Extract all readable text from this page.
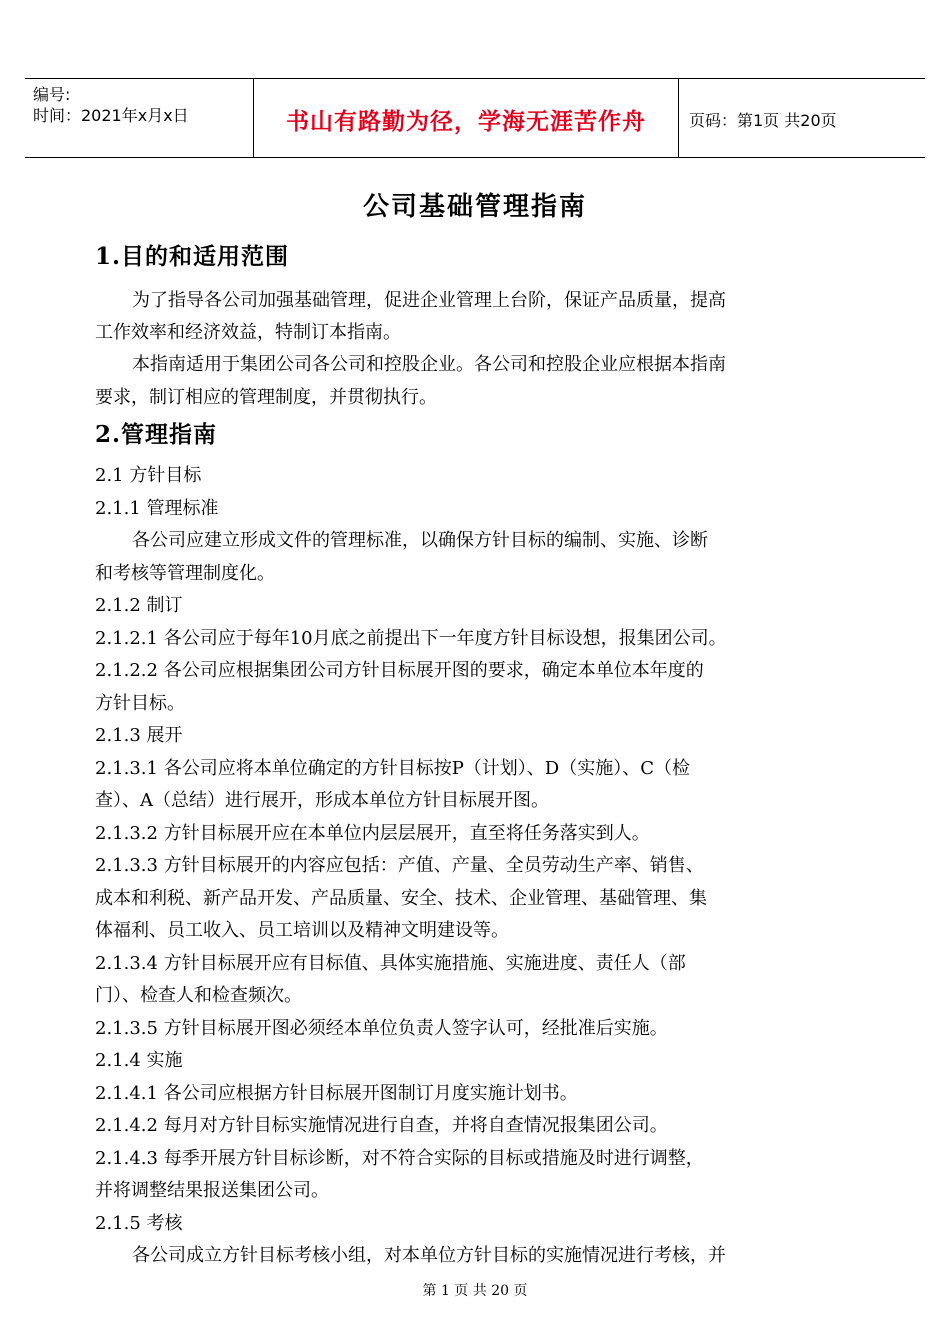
编号:
时间：2021年x月x日	书山有路勤为径，学海无涯苦作舟	页码：第1页 共20页
公司基础管理指南
1.目的和适用范围
为了指导各公司加强基础管理，促进企业管理上台阶，保证产品质量，提高
工作效率和经济效益，特制订本指南。
本指南适用于集团公司各公司和控股企业。各公司和控股企业应根据本指南
要求，制订相应的管理制度，并贯彻执行。
2.管理指南
2.1 方针目标
2.1.1 管理标准
各公司应建立形成文件的管理标准，以确保方针目标的编制、实施、诊断
和考核等管理制度化。
2.1.2 制订
2.1.2.1 各公司应于每年10月底之前提出下一年度方针目标设想，报集团公司。
2.1.2.2 各公司应根据集团公司方针目标展开图的要求，确定本单位本年度的
方针目标。
2.1.3 展开
2.1.3.1 各公司应将本单位确定的方针目标按P（计划）、D（实施）、C（检
查）、A（总结）进行展开，形成本单位方针目标展开图。
2.1.3.2 方针目标展开应在本单位内层层展开，直至将任务落实到人。
2.1.3.3 方针目标展开的内容应包括：产值、产量、全员劳动生产率、销售、
成本和利税、新产品开发、产品质量、安全、技术、企业管理、基础管理、集
体福利、员工收入、员工培训以及精神文明建设等。
2.1.3.4 方针目标展开应有目标值、具体实施措施、实施进度、责任人（部
门）、检查人和检查频次。
2.1.3.5 方针目标展开图必须经本单位负责人签字认可，经批准后实施。
2.1.4 实施
2.1.4.1 各公司应根据方针目标展开图制订月度实施计划书。
2.1.4.2 每月对方针目标实施情况进行自查，并将自查情况报集团公司。
2.1.4.3 每季开展方针目标诊断，对不符合实际的目标或措施及时进行调整，
并将调整结果报送集团公司。
2.1.5 考核
各公司成立方针目标考核小组，对本单位方针目标的实施情况进行考核，并
第 1 页 共 20 页
